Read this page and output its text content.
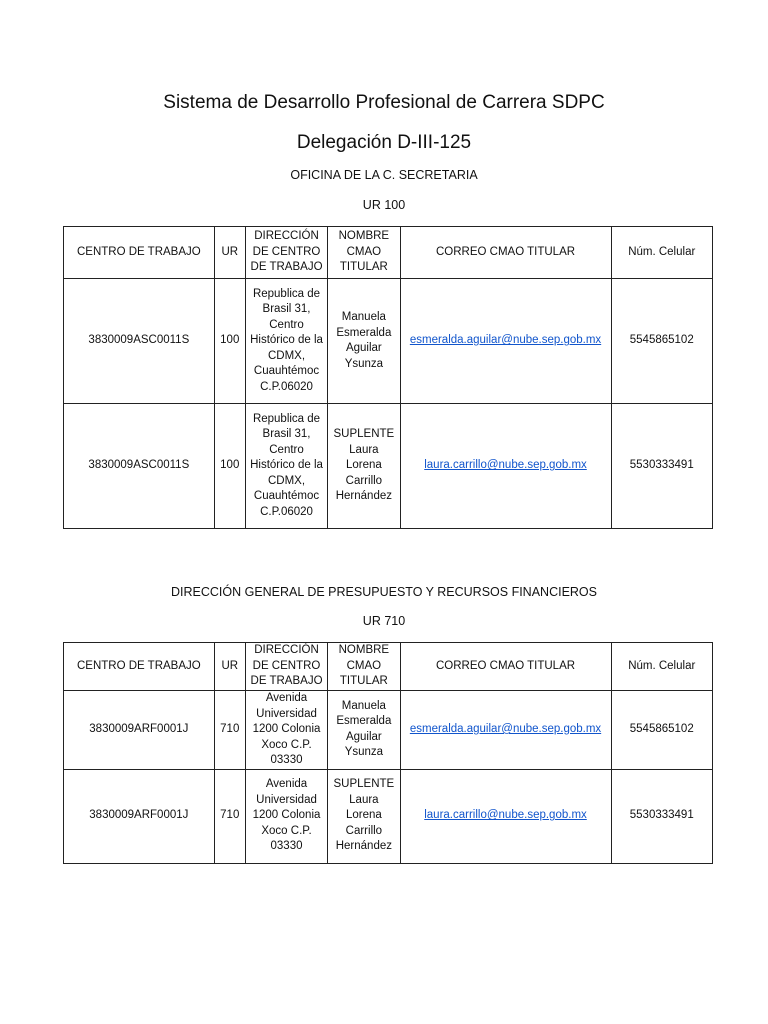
Sistema de Desarrollo Profesional de Carrera SDPC
Delegación D-III-125
OFICINA DE LA C. SECRETARIA
UR 100
CENTRO DE TRABAJO	UR	DIRECCIÓN DE CENTRO DE TRABAJO	NOMBRE CMAO TITULAR	CORREO CMAO TITULAR	Núm. Celular
3830009ASC0011S	100	Republica de Brasil 31, Centro Histórico de la CDMX, Cuauhtémoc C.P.06020	Manuela Esmeralda Aguilar Ysunza	esmeralda.aguilar@nube.sep.gob.mx	5545865102
3830009ASC0011S	100	Republica de Brasil 31, Centro Histórico de la CDMX, Cuauhtémoc C.P.06020	SUPLENTE Laura Lorena Carrillo Hernández	laura.carrillo@nube.sep.gob.mx	5530333491
DIRECCIÓN GENERAL DE PRESUPUESTO Y RECURSOS FINANCIEROS
UR 710
CENTRO DE TRABAJO	UR	DIRECCIÓN DE CENTRO DE TRABAJO	NOMBRE CMAO TITULAR	CORREO CMAO TITULAR	Núm. Celular
3830009ARF0001J	710	Avenida Universidad 1200 Colonia Xoco C.P. 03330	Manuela Esmeralda Aguilar Ysunza	esmeralda.aguilar@nube.sep.gob.mx	5545865102
3830009ARF0001J	710	Avenida Universidad 1200 Colonia Xoco C.P. 03330	SUPLENTE Laura Lorena Carrillo Hernández	laura.carrillo@nube.sep.gob.mx	5530333491
